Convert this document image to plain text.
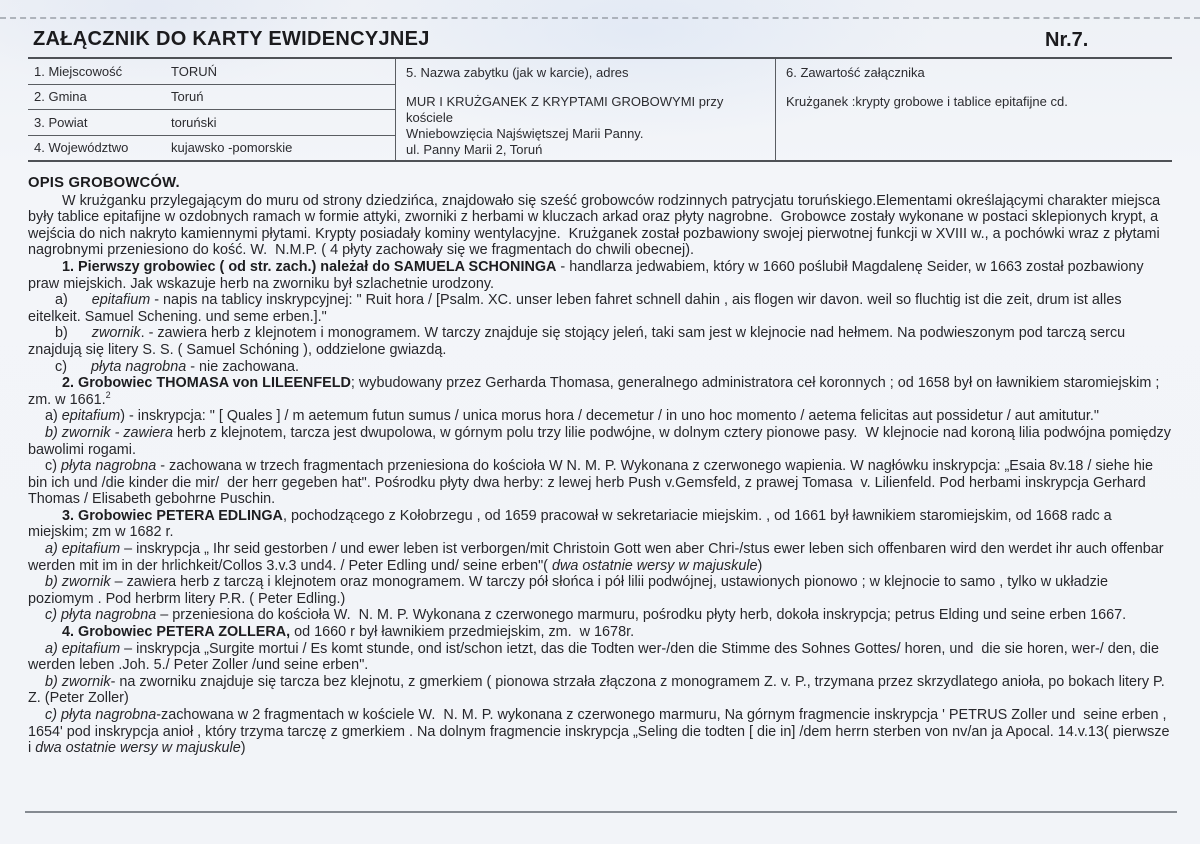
ZAŁĄCZNIK DO KARTY EWIDENCYJNEJ	Nr.7.
1. Miejscowość	TORUŃ
2. Gmina	Toruń
3. Powiat	toruński
4. Województwo	kujawsko -pomorskie
5. Nazwa zabytku (jak w karcie), adres
MUR I KRUŻGANEK Z KRYPTAMI GROBOWYMI przy kościele
Wniebowzięcia Najświętszej Marii Panny.
ul. Panny Marii 2, Toruń
6. Zawartość załącznika
Krużganek :krypty grobowe i tablice epitafijne cd.

OPIS GROBOWCÓW.

W krużganku przylegającym do muru od strony dziedzińca, znajdowało się sześć grobowców rodzinnych patrycjatu toruńskiego.Elementami określającymi charakter miejsca były tablice epitafijne w ozdobnych ramach w formie attyki, zworniki z herbami w kluczach arkad oraz płyty nagrobne.  Grobowce zostały wykonane w postaci sklepionych krypt, a wejścia do nich nakryto kamiennymi płytami. Krypty posiadały kominy wentylacyjne.  Krużganek został pozbawiony swojej pierwotnej funkcji w XVIII w., a pochówki wraz z płytami nagrobnymi przeniesiono do kość. W.  N.M.P. ( 4 płyty zachowały się we fragmentach do chwili obecnej).

1. Pierwszy grobowiec ( od str. zach.) należał do SAMUELA SCHONINGA - handlarza jedwabiem, który w 1660 poślubił Magdalenę Seider, w 1663 został pozbawiony praw miejskich. Jak wskazuje herb na zworniku był szlachetnie urodzony.

a)      epitafium - napis na tablicy inskrypcyjnej: " Ruit hora / [Psalm. XC. unser leben fahret schnell dahin , ais flogen wir davon. weil so fluchtig ist die zeit, drum ist alles eitelkeit. Samuel Schening. und seme erben.]."

b)      zwornik. - zawiera herb z klejnotem i monogramem. W tarczy znajduje się stojący jeleń, taki sam jest w klejnocie nad hełmem. Na podwieszonym pod tarczą sercu znajdują się litery S. S. ( Samuel Schóning ), oddzielone gwiazdą.

c)      płyta nagrobna - nie zachowana.

2. Grobowiec THOMASA von LILEENFELD; wybudowany przez Gerharda Thomasa, generalnego administratora ceł koronnych ; od 1658 był on ławnikiem staromiejskim ; zm. w 1661.$^2$

a) epitafium) - inskrypcja: " [ Quales ] / m aetemum futun sumus / unica morus hora / decemetur / in uno hoc momento / aetema felicitas aut possidetur / aut amitutur."

b) zwornik - zawiera herb z klejnotem, tarcza jest dwupolowa, w górnym polu trzy lilie podwójne, w dolnym cztery pionowe pasy.  W klejnocie nad koroną lilia podwójna pomiędzy bawolimi rogami.

c) płyta nagrobna - zachowana w trzech fragmentach przeniesiona do kościoła W N. M. P. Wykonana z czerwonego wapienia. W nagłówku inskrypcja: „Esaia 8v.18 / siehe hie bin ich und /die kinder die mir/  der herr gegeben hat". Pośrodku płyty dwa herby: z lewej herb Push v.Gemsfeld, z prawej Tomasa  v. Lilienfeld. Pod herbami inskrypcja Gerhard Thomas / Elisabeth gebohrne Puschin.

3. Grobowiec PETERA EDLINGA, pochodzącego z Kołobrzegu , od 1659 pracował w sekretariacie miejskim. , od 1661 był ławnikiem staromiejskim, od 1668 radc a miejskim; zm w 1682 r.

a) epitafium – inskrypcja „ Ihr seid gestorben / und ewer leben ist verborgen/mit Christoin Gott wen aber Chri-/stus ewer leben sich offenbaren wird den werdet ihr auch offenbar werden mit im in der hrlichkeit/Collos 3.v.3 und4. / Peter Edling und/ seine erben"( dwa ostatnie wersy w majuskule)

b) zwornik – zawiera herb z tarczą i klejnotem oraz monogramem. W tarczy pół słońca i pół lilii podwójnej, ustawionych pionowo ; w klejnocie to samo , tylko w układzie poziomym . Pod herbrm litery P.R. ( Peter Edling.)

c) płyta nagrobna – przeniesiona do kościoła W.  N. M. P. Wykonana z czerwonego marmuru, pośrodku płyty herb, dokoła inskrypcja; petrus Elding und seine erben 1667.

4. Grobowiec PETERA ZOLLERA, od 1660 r był ławnikiem przedmiejskim, zm.  w 1678r.

a) epitafium – inskrypcja „Surgite mortui / Es komt stunde, ond ist/schon ietzt, das die Todten wer-/den die Stimme des Sohnes Gottes/ horen, und  die sie horen, wer-/ den, die werden leben .Joh. 5./ Peter Zoller /und seine erben".

b) zwornik- na zworniku znajduje się tarcza bez klejnotu, z gmerkiem ( pionowa strzała złączona z monogramem Z. v. P., trzymana przez skrzydlatego anioła, po bokach litery P. Z. (Peter Zoller)

c) płyta nagrobna-zachowana w 2 fragmentach w kościele W.  N. M. P. wykonana z czerwonego marmuru, Na górnym fragmencie inskrypcja ' PETRUS Zoller und  seine erben , 1654' pod inskrypcja anioł , który trzyma tarczę z gmerkiem . Na dolnym fragmencie inskrypcja „Seling die todten [ die in] /dem herrn sterben von nv/an ja Apocal. 14.v.13( pierwsze i dwa ostatnie wersy w majuskule)
